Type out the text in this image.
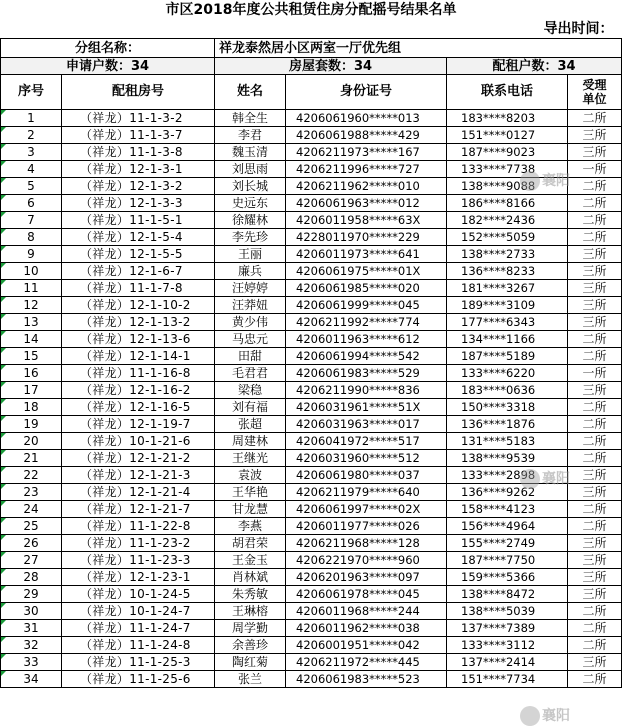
市区2018年度公共租赁住房分配摇号结果名单					
导出时间：					
分组名称：		祥龙泰然居小区两室一厅优先组			
申请户数：34		房屋套数：34		配租户数：34	
序号	配租房号	姓名	身份证号	联系电话	受理
单位
1	（祥龙）11-1-3-2	韩全生	4206061960*****013	183****8203	二所
2	（祥龙）11-1-3-7	李君	4206061988*****429	151****0127	三所
3	（祥龙）11-1-3-8	魏玉清	4206211973*****167	187****9023	三所
4	（祥龙）12-1-3-1	刘思雨	4206211996*****727	133****7738	一所
5	（祥龙）12-1-3-2	刘长城	4206211962*****010	138****9088	二所
6	（祥龙）12-1-3-3	史远东	4206061963*****012	186****8166	二所
7	（祥龙）11-1-5-1	徐耀林	4206011958*****63X	182****2436	二所
8	（祥龙）12-1-5-4	李先珍	4228011970*****229	152****5059	二所
9	（祥龙）12-1-5-5	王丽	4206011973*****641	138****2733	三所
10	（祥龙）12-1-6-7	廉兵	4206061975*****01X	136****8233	三所
11	（祥龙）11-1-7-8	汪婷婷	4206061985*****020	181****3267	三所
12	（祥龙）12-1-10-2	汪莽妞	4206061999*****045	189****3109	三所
13	（祥龙）12-1-13-2	黄少伟	4206211992*****774	177****6343	三所
14	（祥龙）12-1-13-6	马忠元	4206011963*****612	134****1166	二所
15	（祥龙）12-1-14-1	田甜	4206061994*****542	187****5189	二所
16	（祥龙）11-1-16-8	毛君君	4206061983*****529	133****6220	一所
17	（祥龙）12-1-16-2	梁稳	4206211990*****836	183****0636	三所
18	（祥龙）12-1-16-5	刘有福	4206031961*****51X	150****3318	二所
19	（祥龙）12-1-19-7	张超	4206031963*****017	136****1876	二所
20	（祥龙）10-1-21-6	周建林	4206041972*****517	131****5183	二所
21	（祥龙）12-1-21-2	王继光	4206031960*****512	138****9539	二所
22	（祥龙）12-1-21-3	袁波	4206061980*****037	133****2898	三所
23	（祥龙）12-1-21-4	王华艳	4206211979*****640	136****9262	三所
24	（祥龙）12-1-21-7	甘龙慧	4206061997*****02X	158****4123	二所
25	（祥龙）11-1-22-8	李燕	4206011977*****026	156****4964	二所
26	（祥龙）11-1-23-2	胡君荣	4206211968*****128	155****2749	三所
27	（祥龙）11-1-23-3	王金玉	4206221970*****960	187****7750	三所
28	（祥龙）12-1-23-1	肖林斌	4206201963*****097	159****5366	三所
29	（祥龙）10-1-24-5	朱秀敏	4206061978*****045	138****8472	三所
30	（祥龙）10-1-24-7	王琳榕	4206011968*****244	138****5039	二所
31	（祥龙）11-1-24-7	周学勤	4206011962*****038	137****7389	二所
32	（祥龙）11-1-24-8	余善珍	4206001951*****042	133****3112	二所
33	（祥龙）11-1-25-3	陶红菊	4206211972*****445	137****2414	三所
34	（祥龙）11-1-25-6	张兰	4206061983*****523	151****7734	二所
襄阳
襄阳
襄阳
